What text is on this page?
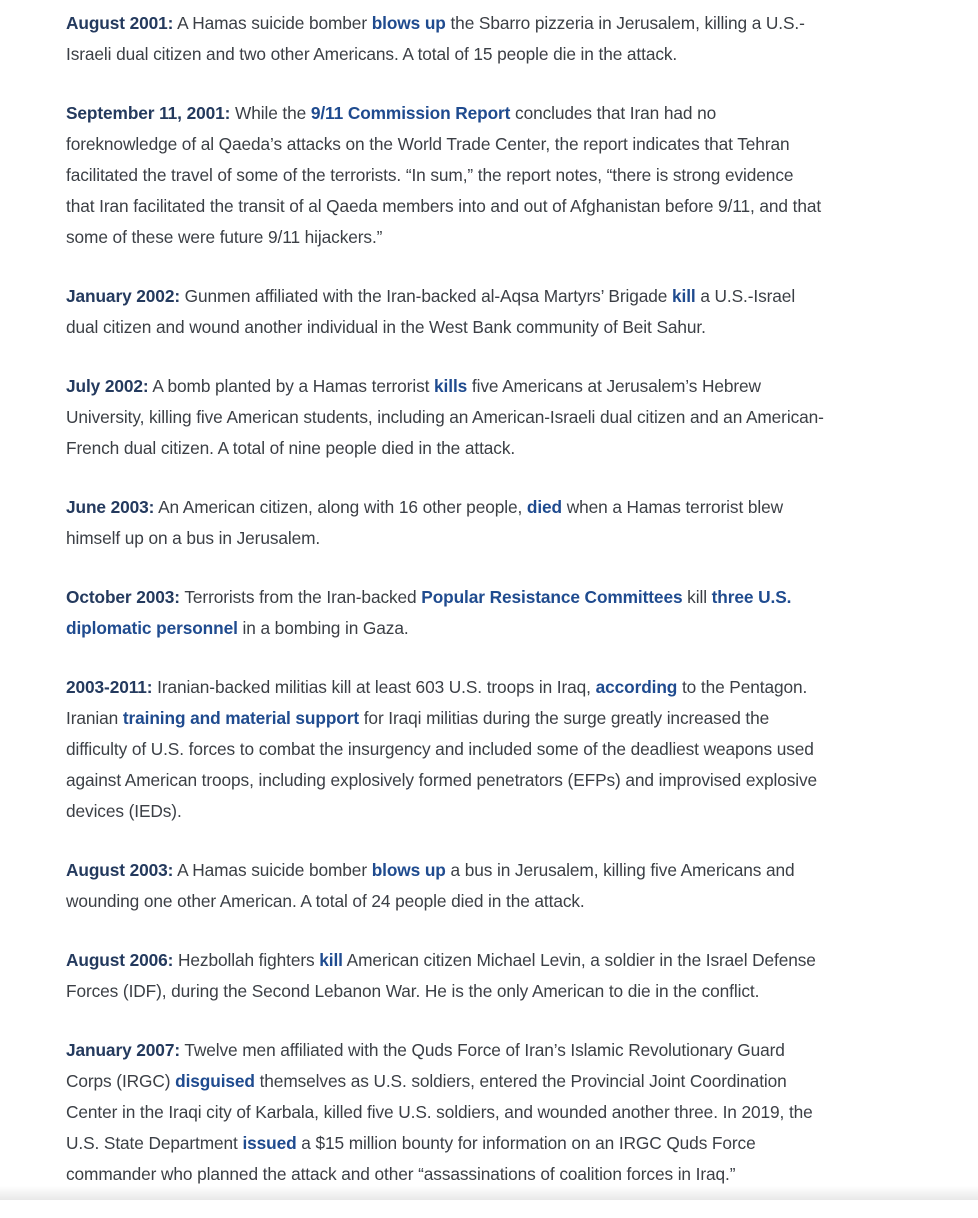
August 2001: A Hamas suicide bomber blows up the Sbarro pizzeria in Jerusalem, killing a U.S.-Israeli dual citizen and two other Americans. A total of 15 people die in the attack.

September 11, 2001: While the 9/11 Commission Report concludes that Iran had no foreknowledge of al Qaeda’s attacks on the World Trade Center, the report indicates that Tehran facilitated the travel of some of the terrorists. “In sum,” the report notes, “there is strong evidence that Iran facilitated the transit of al Qaeda members into and out of Afghanistan before 9/11, and that some of these were future 9/11 hijackers.”

January 2002: Gunmen affiliated with the Iran-backed al-Aqsa Martyrs’ Brigade kill a U.S.-Israel dual citizen and wound another individual in the West Bank community of Beit Sahur.

July 2002: A bomb planted by a Hamas terrorist kills five Americans at Jerusalem’s Hebrew University, killing five American students, including an American-Israeli dual citizen and an American-French dual citizen. A total of nine people died in the attack.

June 2003: An American citizen, along with 16 other people, died when a Hamas terrorist blew himself up on a bus in Jerusalem.

October 2003: Terrorists from the Iran-backed Popular Resistance Committees kill three U.S. diplomatic personnel in a bombing in Gaza.

2003-2011: Iranian-backed militias kill at least 603 U.S. troops in Iraq, according to the Pentagon. Iranian training and material support for Iraqi militias during the surge greatly increased the difficulty of U.S. forces to combat the insurgency and included some of the deadliest weapons used against American troops, including explosively formed penetrators (EFPs) and improvised explosive devices (IEDs).

August 2003: A Hamas suicide bomber blows up a bus in Jerusalem, killing five Americans and wounding one other American. A total of 24 people died in the attack.

August 2006: Hezbollah fighters kill American citizen Michael Levin, a soldier in the Israel Defense Forces (IDF), during the Second Lebanon War. He is the only American to die in the conflict.

January 2007: Twelve men affiliated with the Quds Force of Iran’s Islamic Revolutionary Guard Corps (IRGC) disguised themselves as U.S. soldiers, entered the Provincial Joint Coordination Center in the Iraqi city of Karbala, killed five U.S. soldiers, and wounded another three. In 2019, the U.S. State Department issued a $15 million bounty for information on an IRGC Quds Force commander who planned the attack and other “assassinations of coalition forces in Iraq.”
